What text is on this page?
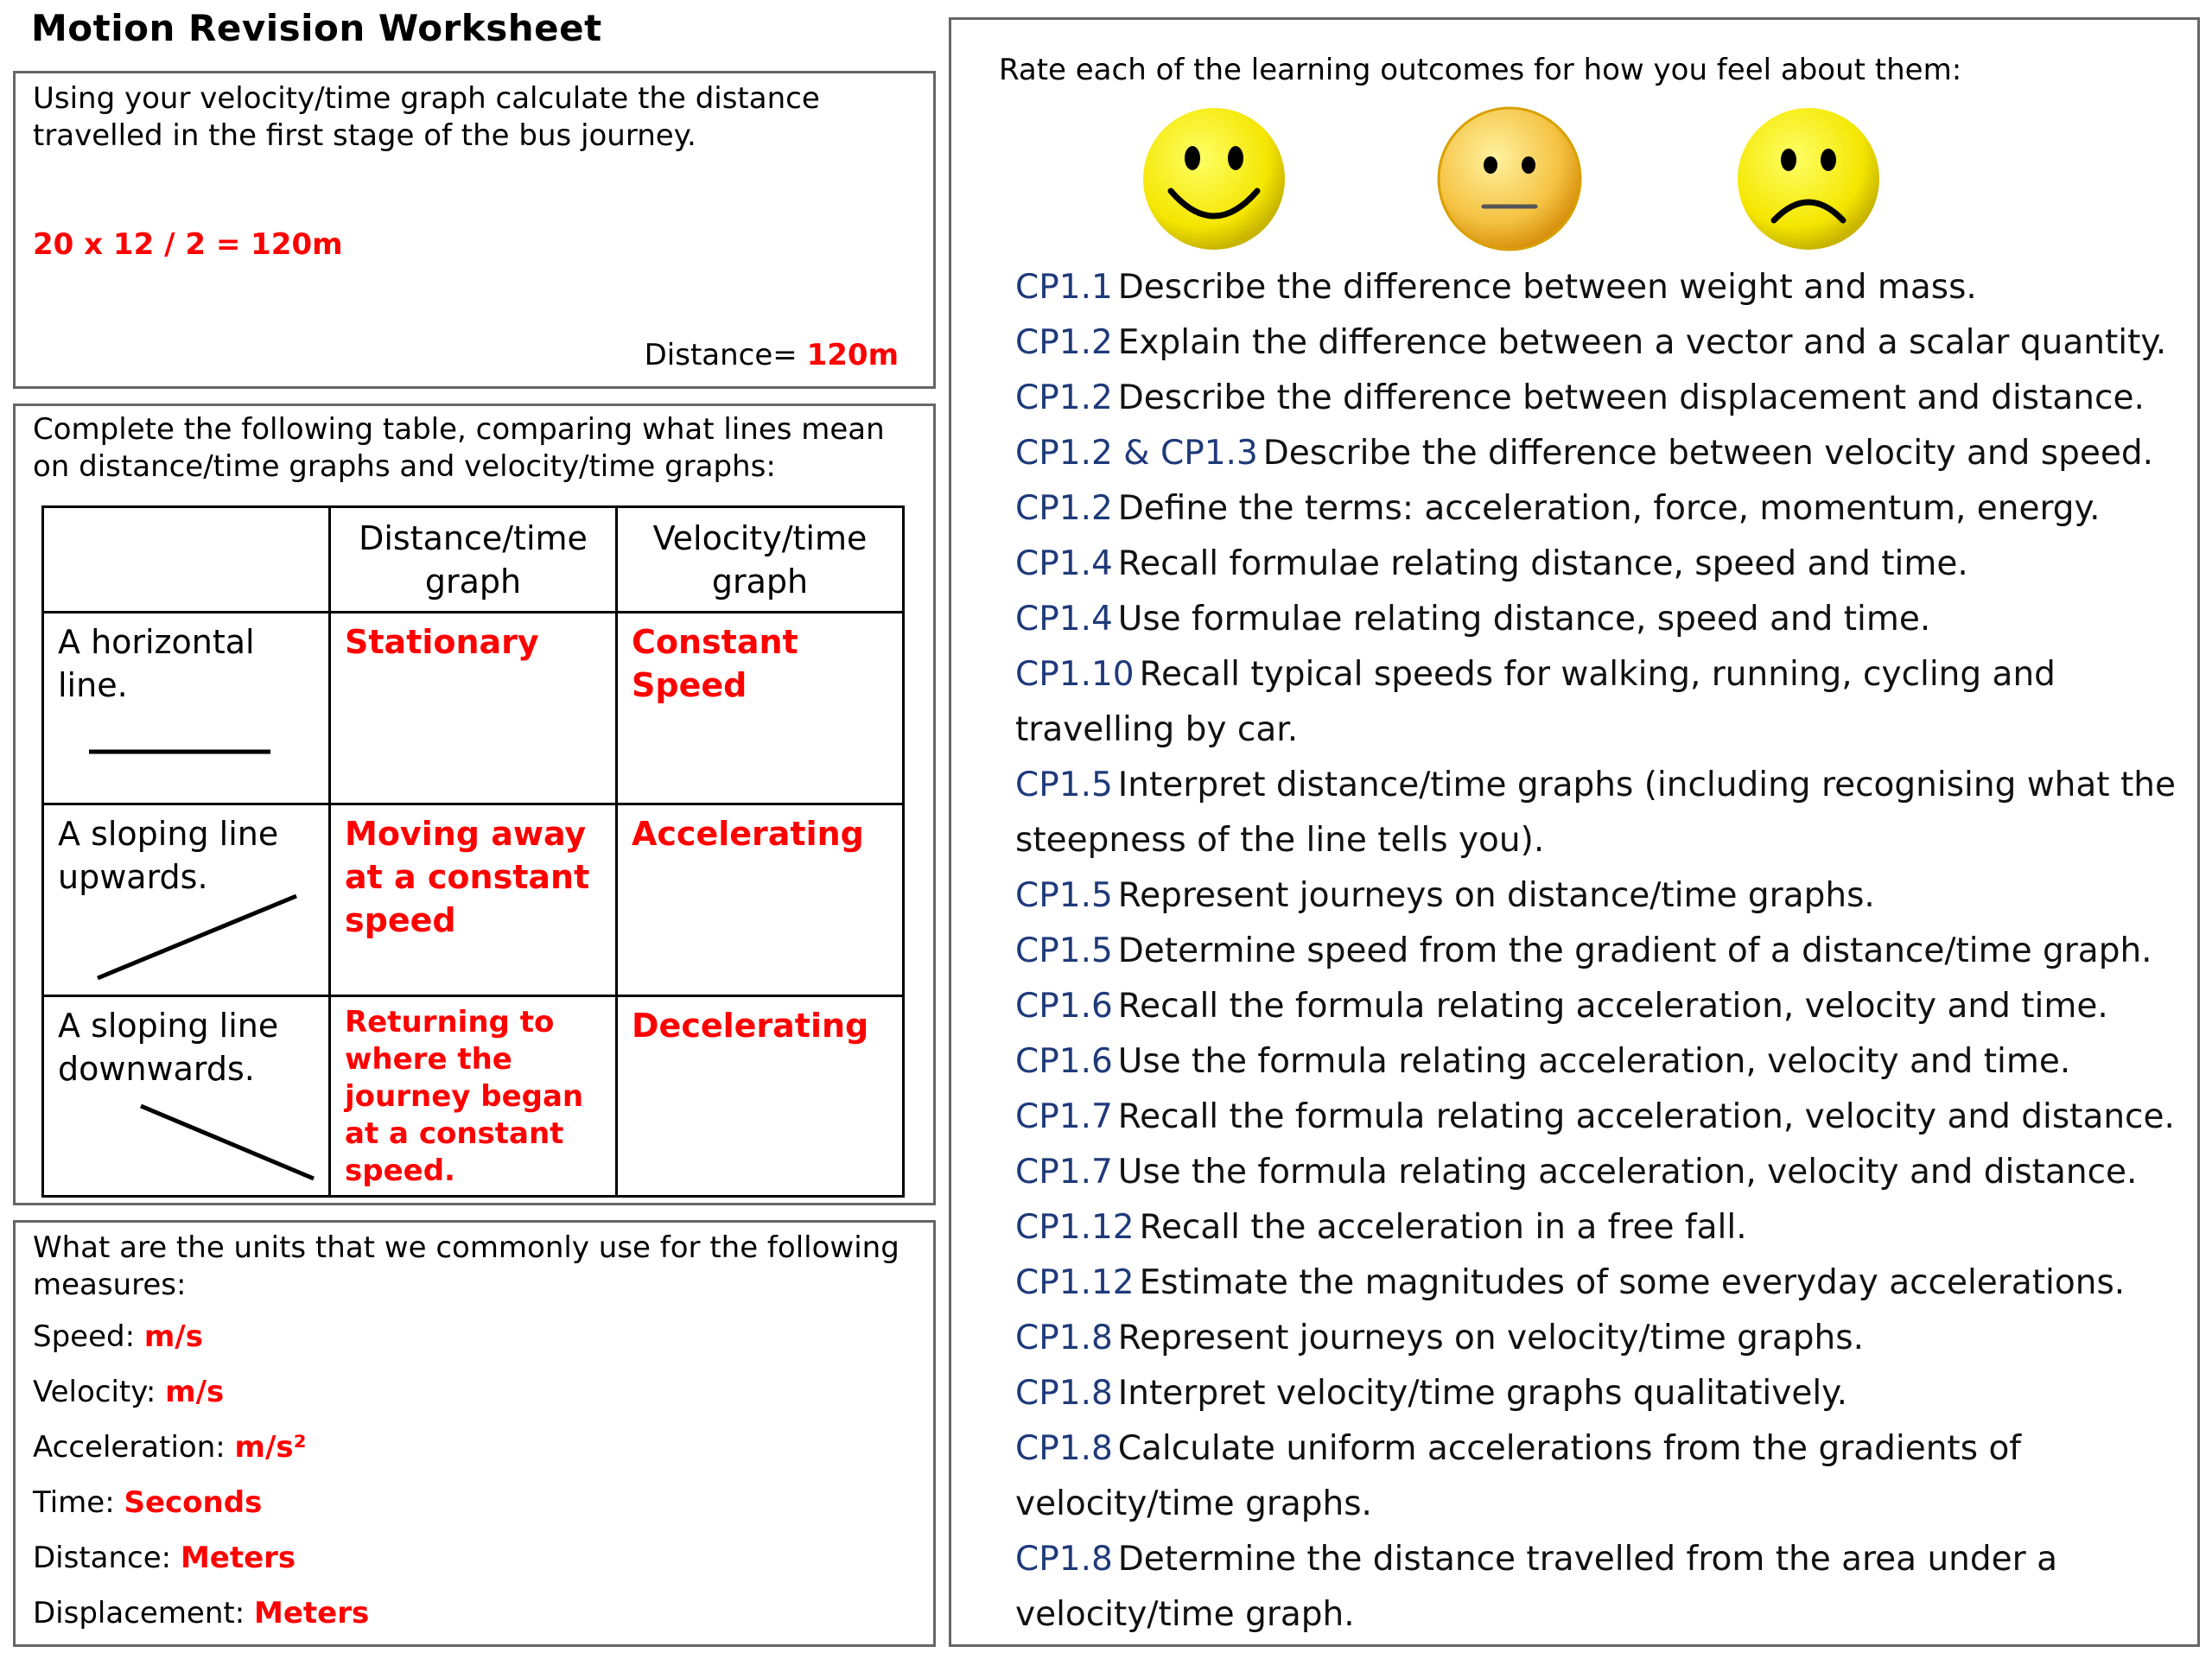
Motion Revision Worksheet
Using your velocity/time graph calculate the distance travelled in the first stage of the bus journey.
20 x 12 / 2 = 120m
Distance= 120m
Complete the following table, comparing what lines mean on distance/time graphs and velocity/time graphs:
	Distance/time graph	Velocity/time graph

A horizontal line.	Stationary	Constant Speed

A sloping line upwards.	Moving away at a constant speed	Accelerating

A sloping line downwards.	Returning to where the journey began at a constant speed.	Decelerating
What are the units that we commonly use for the following measures:
Speed: m/s
Velocity: m/s
Acceleration: m/s²
Time: Seconds
Distance: Meters
Displacement: Meters
Rate each of the learning outcomes for how you feel about them:
CP1.1 Describe the difference between weight and mass.
CP1.2 Explain the difference between a vector and a scalar quantity.
CP1.2 Describe the difference between displacement and distance.
CP1.2 & CP1.3 Describe the difference between velocity and speed.
CP1.2 Define the terms: acceleration, force, momentum, energy.
CP1.4 Recall formulae relating distance, speed and time.
CP1.4 Use formulae relating distance, speed and time.
CP1.10 Recall typical speeds for walking, running, cycling and travelling by car.
CP1.5 Interpret distance/time graphs (including recognising what the steepness of the line tells you).
CP1.5 Represent journeys on distance/time graphs.
CP1.5 Determine speed from the gradient of a distance/time graph.
CP1.6 Recall the formula relating acceleration, velocity and time.
CP1.6 Use the formula relating acceleration, velocity and time.
CP1.7 Recall the formula relating acceleration, velocity and distance.
CP1.7 Use the formula relating acceleration, velocity and distance.
CP1.12 Recall the acceleration in a free fall.
CP1.12 Estimate the magnitudes of some everyday accelerations.
CP1.8 Represent journeys on velocity/time graphs.
CP1.8 Interpret velocity/time graphs qualitatively.
CP1.8 Calculate uniform accelerations from the gradients of velocity/time graphs.
CP1.8 Determine the distance travelled from the area under a velocity/time graph.
